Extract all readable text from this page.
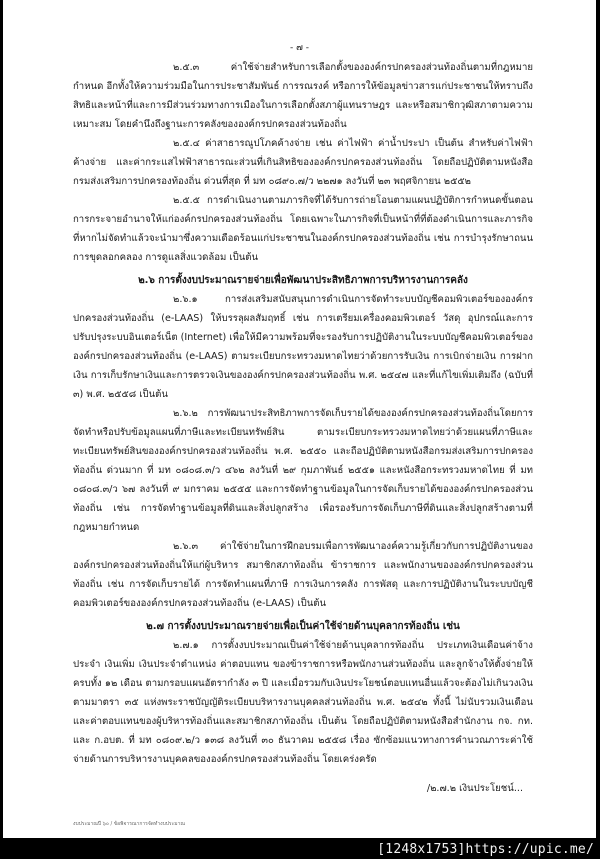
- ๗ -

๒.๕.๓ ค่าใช้จ่ายสำหรับการเลือกตั้งขององค์กรปกครองส่วนท้องถิ่นตามที่กฎหมายกำหนด อีกทั้งให้ความร่วมมือในการประชาสัมพันธ์ การรณรงค์ หรือการให้ข้อมูลข่าวสารแก่ประชาชนให้ทราบถึงสิทธิและหน้าที่และการมีส่วนร่วมทางการเมืองในการเลือกตั้งสภาผู้แทนราษฎร และหรือสมาชิกวุฒิสภาตามความเหมาะสม โดยคำนึงถึงฐานะการคลังขององค์กรปกครองส่วนท้องถิ่น

๒.๕.๔ ค่าสาธารณูปโภคค้างจ่าย เช่น ค่าไฟฟ้า ค่าน้ำประปา เป็นต้น สำหรับค่าไฟฟ้าค้างจ่าย และค่ากระแสไฟฟ้าสาธารณะส่วนที่เกินสิทธิขององค์กรปกครองส่วนท้องถิ่น โดยถือปฏิบัติตามหนังสือกรมส่งเสริมการปกครองท้องถิ่น ด่วนที่สุด ที่ มท ๐๘๙๐.๗/ว ๒๒๗๑ ลงวันที่ ๒๓ พฤศจิกายน ๒๕๕๒

๒.๕.๕ การดำเนินงานตามภารกิจที่ได้รับการถ่ายโอนตามแผนปฏิบัติการกำหนดขั้นตอนการกระจายอำนาจให้แก่องค์กรปกครองส่วนท้องถิ่น โดยเฉพาะในภารกิจที่เป็นหน้าที่ที่ต้องดำเนินการและภารกิจที่หากไม่จัดทำแล้วจะนำมาซึ่งความเดือดร้อนแก่ประชาชนในองค์กรปกครองส่วนท้องถิ่น เช่น การบำรุงรักษาถนน การขุดลอกคลอง การดูแลสิ่งแวดล้อม เป็นต้น

๒.๖ การตั้งงบประมาณรายจ่ายเพื่อพัฒนาประสิทธิภาพการบริหารงานการคลัง

๒.๖.๑ การส่งเสริมสนับสนุนการดำเนินการจัดทำระบบบัญชีคอมพิวเตอร์ขององค์กรปกครองส่วนท้องถิ่น (e-LAAS) ให้บรรลุผลสัมฤทธิ์ เช่น การเตรียมเครื่องคอมพิวเตอร์ วัสดุ อุปกรณ์และการปรับปรุงระบบอินเตอร์เน็ต (Internet) เพื่อให้มีความพร้อมที่จะรองรับการปฏิบัติงานในระบบบัญชีคอมพิวเตอร์ขององค์กรปกครองส่วนท้องถิ่น (e-LAAS) ตามระเบียบกระทรวงมหาดไทยว่าด้วยการรับเงิน การเบิกจ่ายเงิน การฝากเงิน การเก็บรักษาเงินและการตรวจเงินขององค์กรปกครองส่วนท้องถิ่น พ.ศ. ๒๕๔๗ และที่แก้ไขเพิ่มเติมถึง (ฉบับที่ ๓) พ.ศ. ๒๕๕๘ เป็นต้น

๒.๖.๒ การพัฒนาประสิทธิภาพการจัดเก็บรายได้ขององค์กรปกครองส่วนท้องถิ่นโดยการจัดทำหรือปรับข้อมูลแผนที่ภาษีและทะเบียนทรัพย์สิน ตามระเบียบกระทรวงมหาดไทยว่าด้วยแผนที่ภาษีและทะเบียนทรัพย์สินขององค์กรปกครองส่วนท้องถิ่น พ.ศ. ๒๕๕๐ และถือปฏิบัติตามหนังสือกรมส่งเสริมการปกครองท้องถิ่น ด่วนมาก ที่ มท ๐๘๐๘.๓/ว ๔๖๒ ลงวันที่ ๒๙ กุมภาพันธ์ ๒๕๕๑ และหนังสือกระทรวงมหาดไทย ที่ มท ๐๘๐๘.๓/ว ๖๗ ลงวันที่ ๙ มกราคม ๒๕๕๕ และการจัดทำฐานข้อมูลในการจัดเก็บรายได้ขององค์กรปกครองส่วนท้องถิ่น เช่น การจัดทำฐานข้อมูลที่ดินและสิ่งปลูกสร้าง เพื่อรองรับการจัดเก็บภาษีที่ดินและสิ่งปลูกสร้างตามที่กฎหมายกำหนด

๒.๖.๓ ค่าใช้จ่ายในการฝึกอบรมเพื่อการพัฒนาองค์ความรู้เกี่ยวกับการปฏิบัติงานขององค์กรปกครองส่วนท้องถิ่นให้แก่ผู้บริหาร สมาชิกสภาท้องถิ่น ข้าราชการ และพนักงานขององค์กรปกครองส่วนท้องถิ่น เช่น การจัดเก็บรายได้ การจัดทำแผนที่ภาษี การเงินการคลัง การพัสดุ และการปฏิบัติงานในระบบบัญชีคอมพิวเตอร์ขององค์กรปกครองส่วนท้องถิ่น (e-LAAS) เป็นต้น

๒.๗ การตั้งงบประมาณรายจ่ายเพื่อเป็นค่าใช้จ่ายด้านบุคลากรท้องถิ่น เช่น

๒.๗.๑ การตั้งงบประมาณเป็นค่าใช้จ่ายด้านบุคลากรท้องถิ่น ประเภทเงินเดือนค่าจ้างประจำ เงินเพิ่ม เงินประจำตำแหน่ง ค่าตอบแทน ของข้าราชการหรือพนักงานส่วนท้องถิ่น และลูกจ้างให้ตั้งจ่ายให้ครบทั้ง ๑๒ เดือน ตามกรอบแผนอัตรากำลัง ๓ ปี และเมื่อรวมกับเงินประโยชน์ตอบแทนอื่นแล้วจะต้องไม่เกินวงเงินตามมาตรา ๓๕ แห่งพระราชบัญญัติระเบียบบริหารงานบุคคลส่วนท้องถิ่น พ.ศ. ๒๕๔๒ ทั้งนี้ ไม่นับรวมเงินเดือนและค่าตอบแทนของผู้บริหารท้องถิ่นและสมาชิกสภาท้องถิ่น เป็นต้น โดยถือปฏิบัติตามหนังสือสำนักงาน กจ. กท. และ ก.อบต. ที่ มท ๐๘๐๙.๒/ว ๑๓๘ ลงวันที่ ๓๐ ธันวาคม ๒๕๕๘ เรื่อง ซักซ้อมแนวทางการคำนวณภาระค่าใช้จ่ายด้านการบริหารงานบุคคลขององค์กรปกครองส่วนท้องถิ่น โดยเคร่งครัด

/๒.๗.๒ เงินประโยชน์...

งบประมาณปี ๖๐ / ข้อพิจารณาการจัดทำงบประมาณ
[1248x1753]https://upic.me/
